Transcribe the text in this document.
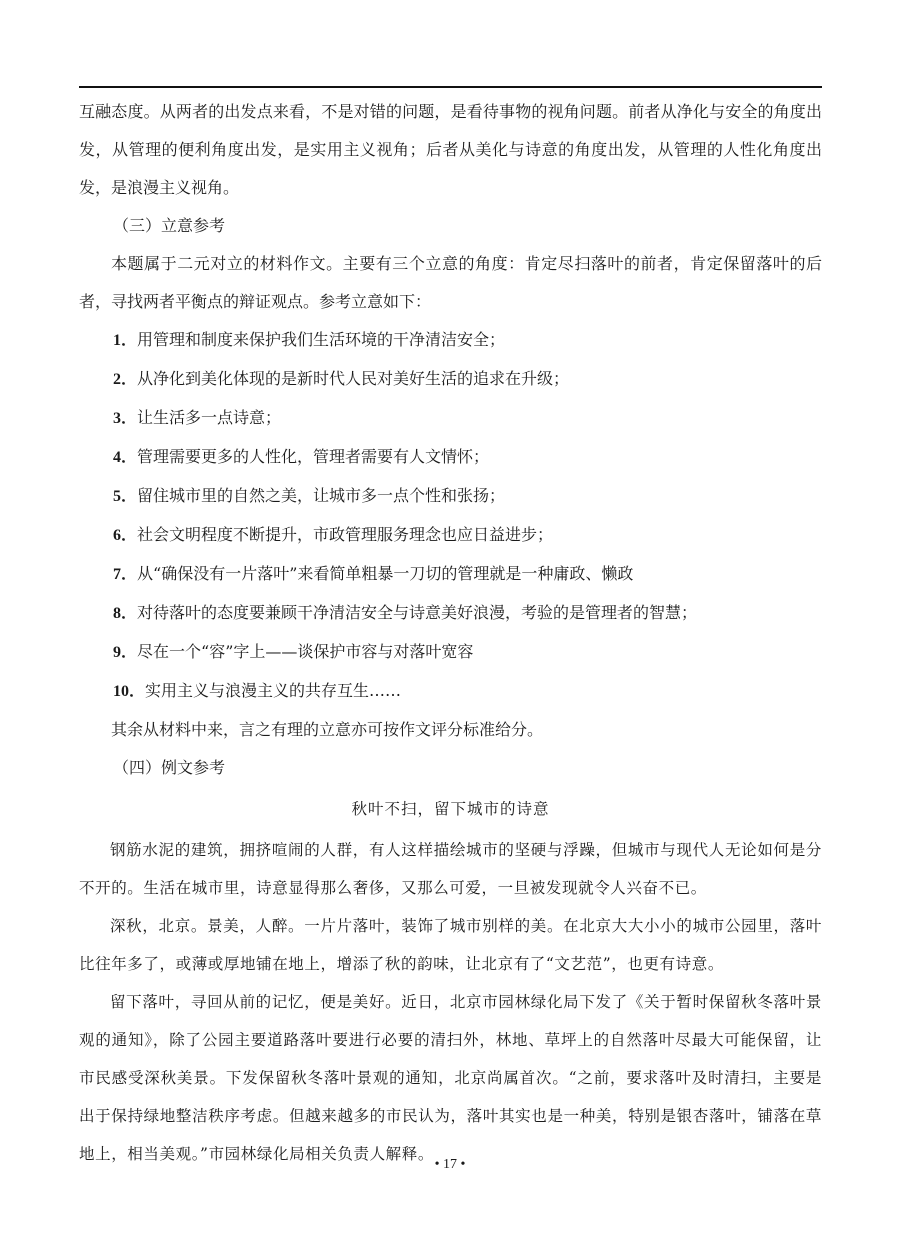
互融态度。从两者的出发点来看，不是对错的问题，是看待事物的视角问题。前者从净化与安全的角度出发，从管理的便利角度出发，是实用主义视角；后者从美化与诗意的角度出发，从管理的人性化角度出发，是浪漫主义视角。

（三）立意参考

本题属于二元对立的材料作文。主要有三个立意的角度：肯定尽扫落叶的前者，肯定保留落叶的后者，寻找两者平衡点的辩证观点。参考立意如下：

1．用管理和制度来保护我们生活环境的干净清洁安全；

2．从净化到美化体现的是新时代人民对美好生活的追求在升级；

3．让生活多一点诗意；

4．管理需要更多的人性化，管理者需要有人文情怀；

5．留住城市里的自然之美，让城市多一点个性和张扬；

6．社会文明程度不断提升，市政管理服务理念也应日益进步；

7．从“确保没有一片落叶”来看简单粗暴一刀切的管理就是一种庸政、懒政

8．对待落叶的态度要兼顾干净清洁安全与诗意美好浪漫，考验的是管理者的智慧；

9．尽在一个“容”字上——谈保护市容与对落叶宽容

10．实用主义与浪漫主义的共存互生……

其余从材料中来，言之有理的立意亦可按作文评分标准给分。

（四）例文参考

秋叶不扫，留下城市的诗意

钢筋水泥的建筑，拥挤喧闹的人群，有人这样描绘城市的坚硬与浮躁，但城市与现代人无论如何是分不开的。生活在城市里，诗意显得那么奢侈，又那么可爱，一旦被发现就令人兴奋不已。

深秋，北京。景美，人醉。一片片落叶，装饰了城市别样的美。在北京大大小小的城市公园里，落叶比往年多了，或薄或厚地铺在地上，增添了秋的韵味，让北京有了“文艺范”，也更有诗意。

留下落叶，寻回从前的记忆，便是美好。近日，北京市园林绿化局下发了《关于暂时保留秋冬落叶景观的通知》，除了公园主要道路落叶要进行必要的清扫外，林地、草坪上的自然落叶尽最大可能保留，让市民感受深秋美景。下发保留秋冬落叶景观的通知，北京尚属首次。“之前，要求落叶及时清扫，主要是出于保持绿地整洁秩序考虑。但越来越多的市民认为，落叶其实也是一种美，特别是银杏落叶，铺落在草地上，相当美观。”市园林绿化局相关负责人解释。

• 17 •
